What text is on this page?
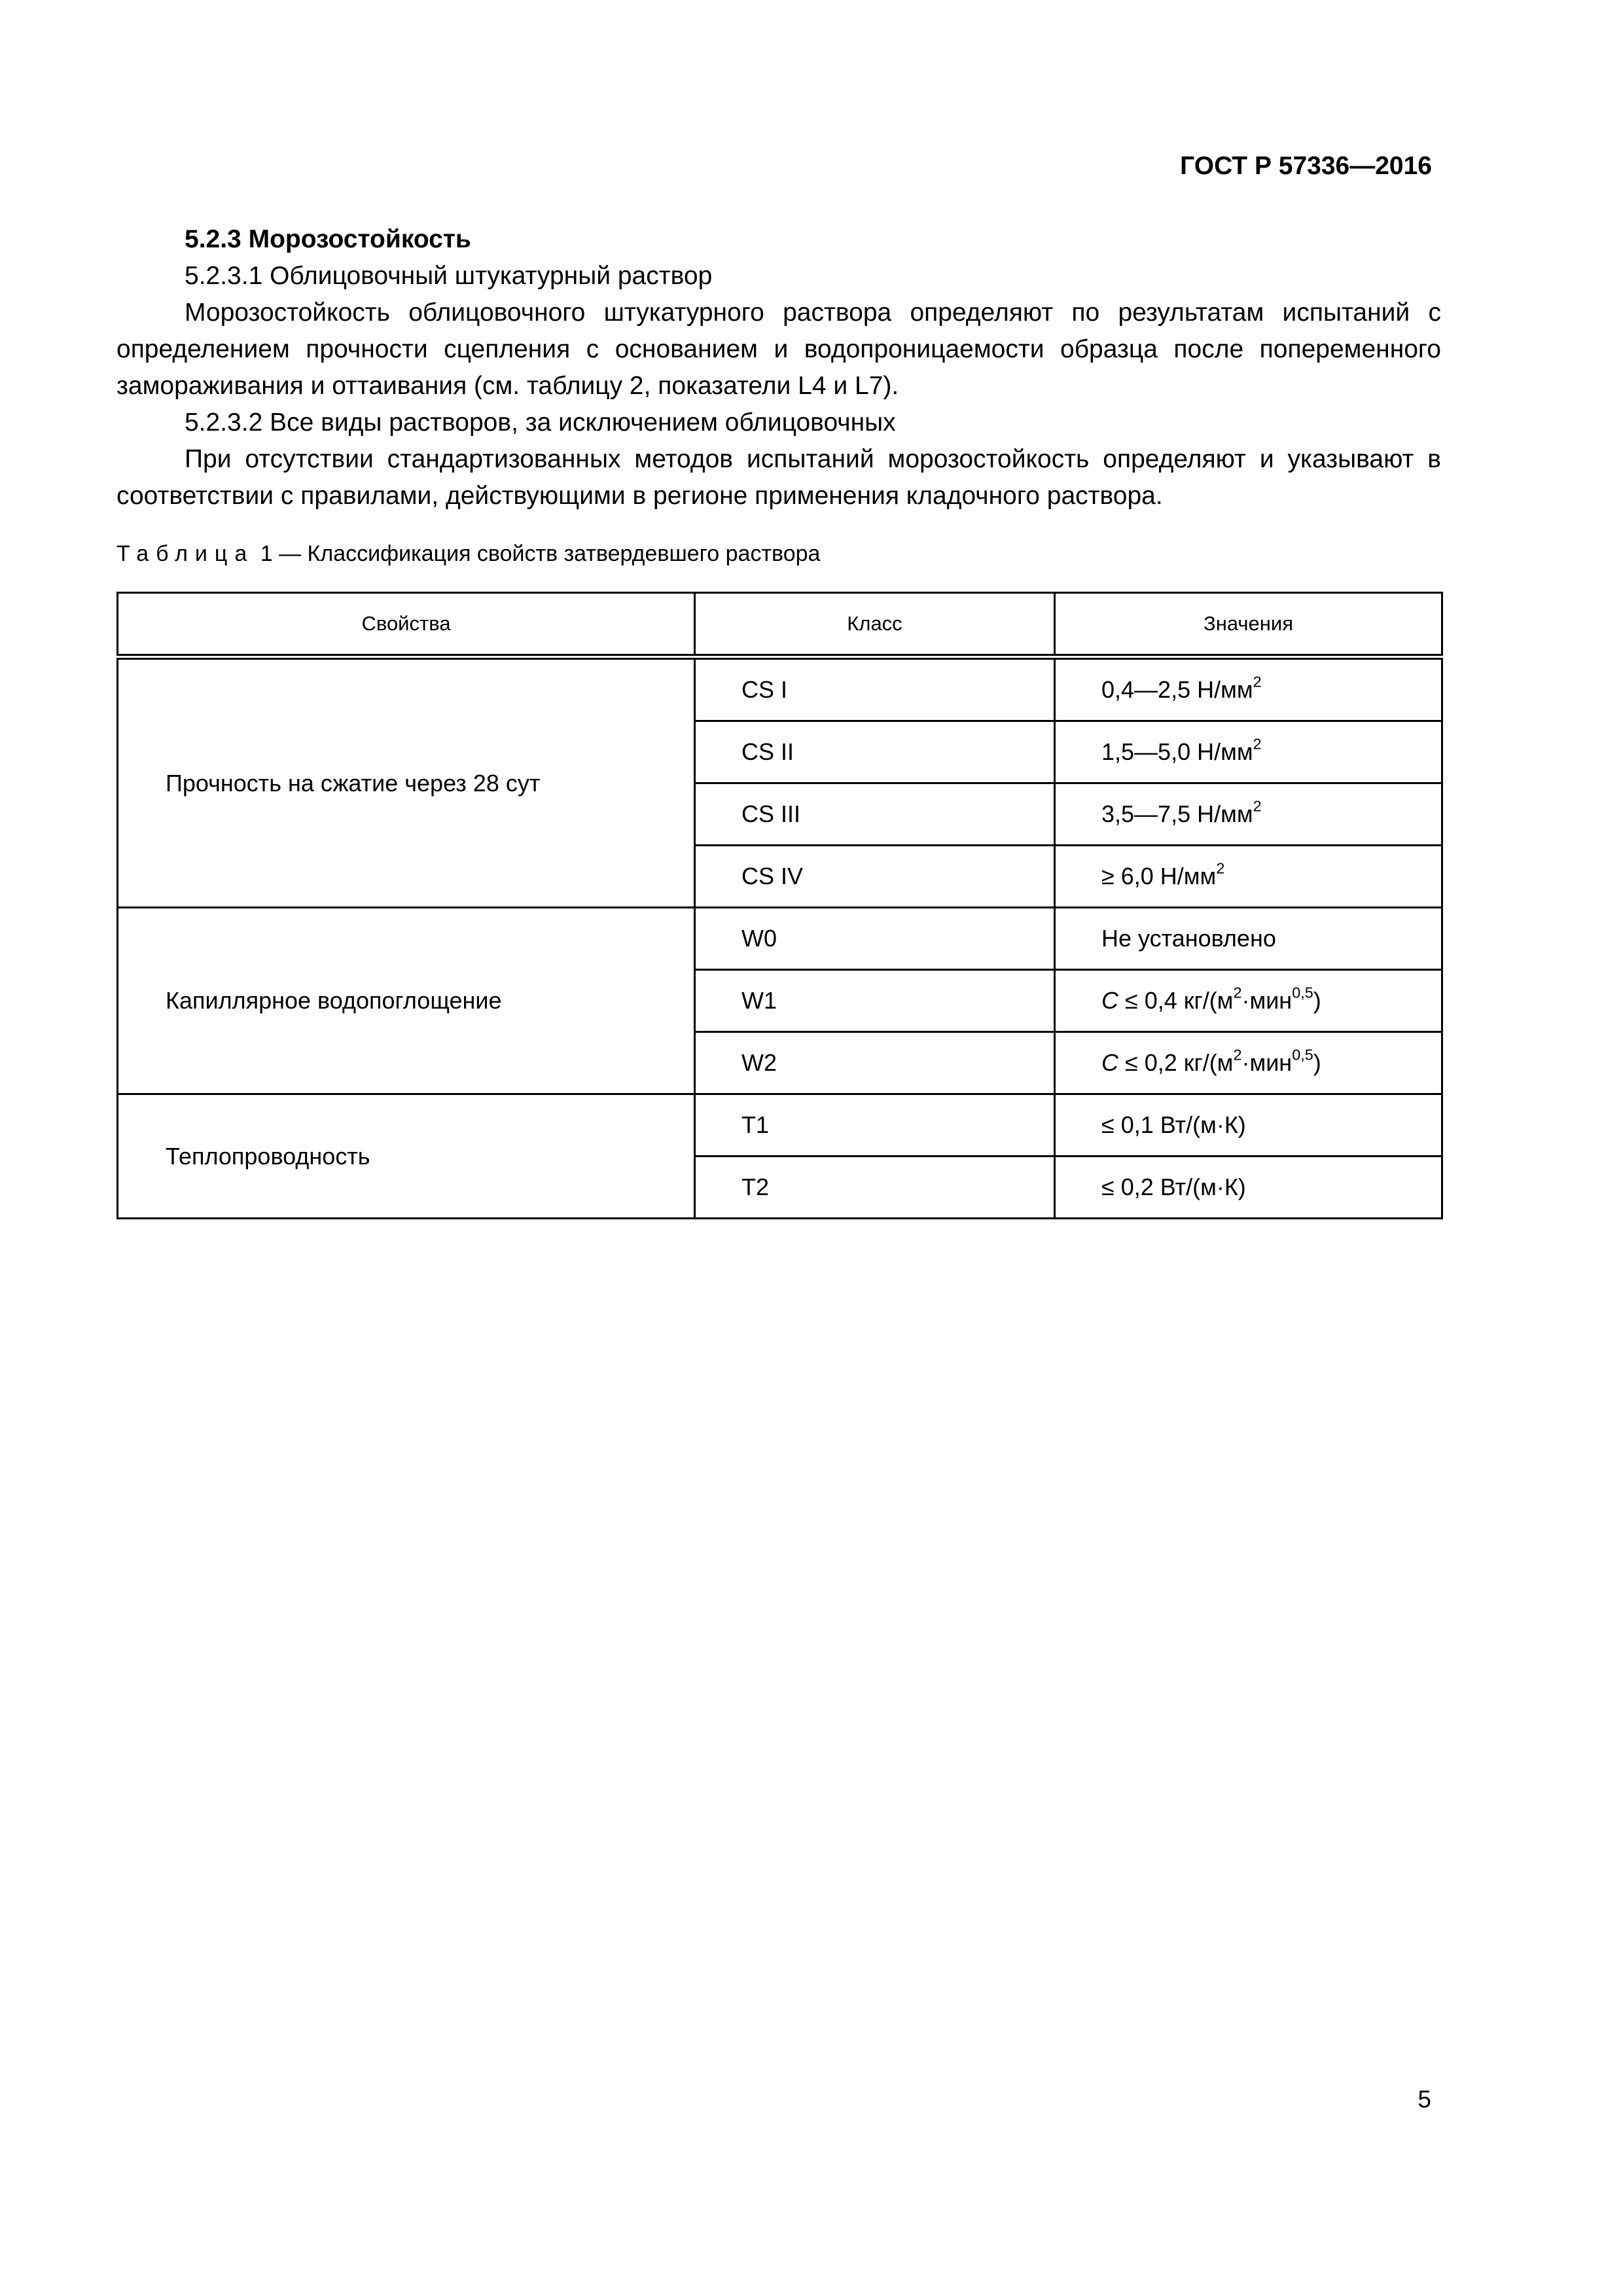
ГОСТ Р 57336—2016

5.2.3 Морозостойкость

5.2.3.1 Облицовочный штукатурный раствор

Морозостойкость облицовочного штукатурного раствора определяют по результатам испытаний с определением прочности сцепления с основанием и водопроницаемости образца после попеременного замораживания и оттаивания (см. таблицу 2, показатели L4 и L7).

5.2.3.2 Все виды растворов, за исключением облицовочных

При отсутствии стандартизованных методов испытаний морозостойкость определяют и указывают в соответствии с правилами, действующими в регионе применения кладочного раствора.

Таблица 1 — Классификация свойств затвердевшего раствора
Свойства	Класс	Значения
Прочность на сжатие через 28 сут	CS I	0,4—2,5 $Н/мм^2$
	CS II	1,5—5,0 $Н/мм^2$
	CS III	3,5—7,5 $Н/мм^2$
	CS IV	≥ 6,0 $Н/мм^2$
Капиллярное водопоглощение	W0	Не установлено
	W1	C ≤ 0,4 $кг/(м^2\cdot мин^{0,5})$
	W2	C ≤ 0,2 $кг/(м^2\cdot мин^{0,5})$
Теплопроводность	T1	≤ 0,1 Вт/(м·К)
	T2	≤ 0,2 Вт/(м·К)
5
